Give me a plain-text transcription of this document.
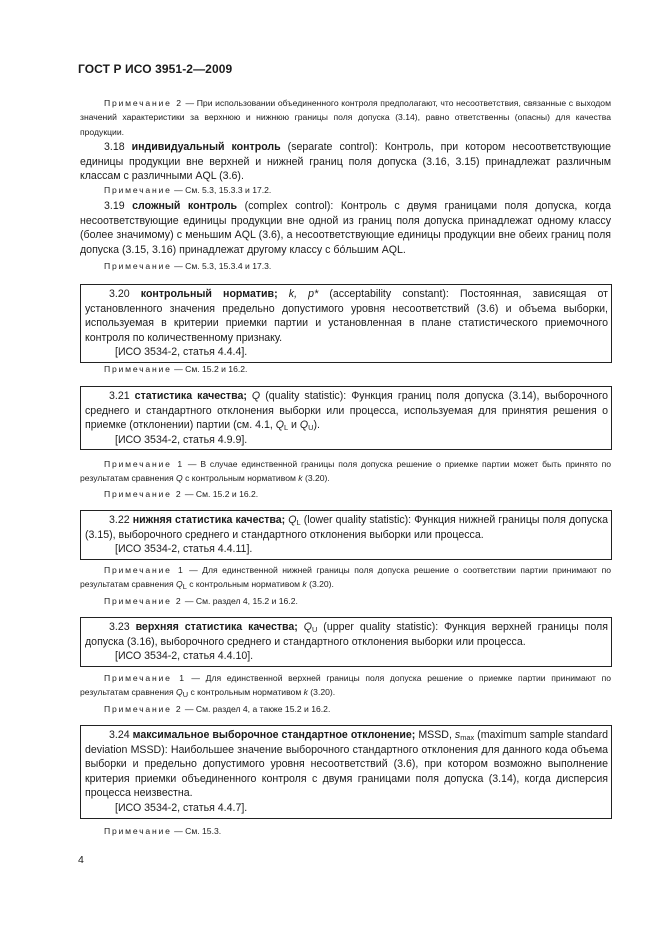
ГОСТ Р ИСО 3951-2—2009

Примечание 2 — При использовании объединенного контроля предполагают, что несоответствия, связанные с выходом значений характеристики за верхнюю и нижнюю границы поля допуска (3.14), равно ответственны (опасны) для качества продукции.

3.18 индивидуальный контроль (separate control): Контроль, при котором несоответствующие единицы продукции вне верхней и нижней границ поля допуска (3.16, 3.15) принадлежат различным классам с различными AQL (3.6).

Примечание — См. 5.3, 15.3.3 и 17.2.

3.19 сложный контроль (complex control): Контроль с двумя границами поля допуска, когда несоответствующие единицы продукции вне одной из границ поля допуска принадлежат одному классу (более значимому) с меньшим AQL (3.6), а несоответствующие единицы продукции вне обеих границ поля допуска (3.15, 3.16) принадлежат другому классу с бо́льшим AQL.

Примечание — См. 5.3, 15.3.4 и 17.3.

3.20 контрольный норматив; k, p* (acceptability constant): Постоянная, зависящая от установленного значения предельно допустимого уровня несоответствий (3.6) и объема выборки, используемая в критерии приемки партии и установленная в плане статистического приемочного контроля по количественному признаку.

[ИСО 3534-2, статья 4.4.4].

Примечание — См. 15.2 и 16.2.

3.21 статистика качества; Q (quality statistic): Функция границ поля допуска (3.14), выборочного среднего и стандартного отклонения выборки или процесса, используемая для принятия решения о приемке (отклонении) партии (см. 4.1, $Q_L$ и $Q_U$).

[ИСО 3534-2, статья 4.9.9].

Примечание 1 — В случае единственной границы поля допуска решение о приемке партии может быть принято по результатам сравнения Q с контрольным нормативом k (3.20).

Примечание 2 — См. 15.2 и 16.2.

3.22 нижняя статистика качества; $Q_L$ (lower quality statistic): Функция нижней границы поля допуска (3.15), выборочного среднего и стандартного отклонения выборки или процесса.

[ИСО 3534-2, статья 4.4.11].

Примечание 1 — Для единственной нижней границы поля допуска решение о соответствии партии принимают по результатам сравнения $Q_L$ с контрольным нормативом k (3.20).

Примечание 2 — См. раздел 4, 15.2 и 16.2.

3.23 верхняя статистика качества; $Q_U$ (upper quality statistic): Функция верхней границы поля допуска (3.16), выборочного среднего и стандартного отклонения выборки или процесса.

[ИСО 3534-2, статья 4.4.10].

Примечание 1 — Для единственной верхней границы поля допуска решение о приемке партии принимают по результатам сравнения $Q_U$ с контрольным нормативом k (3.20).

Примечание 2 — См. раздел 4, а также 15.2 и 16.2.

3.24 максимальное выборочное стандартное отклонение; MSSD, $s_{max}$ (maximum sample standard deviation MSSD): Наибольшее значение выборочного стандартного отклонения для данного кода объема выборки и предельно допустимого уровня несоответствий (3.6), при котором возможно выполнение критерия приемки объединенного контроля с двумя границами поля допуска (3.14), когда дисперсия процесса неизвестна.

[ИСО 3534-2, статья 4.4.7].

Примечание — См. 15.3.

4
